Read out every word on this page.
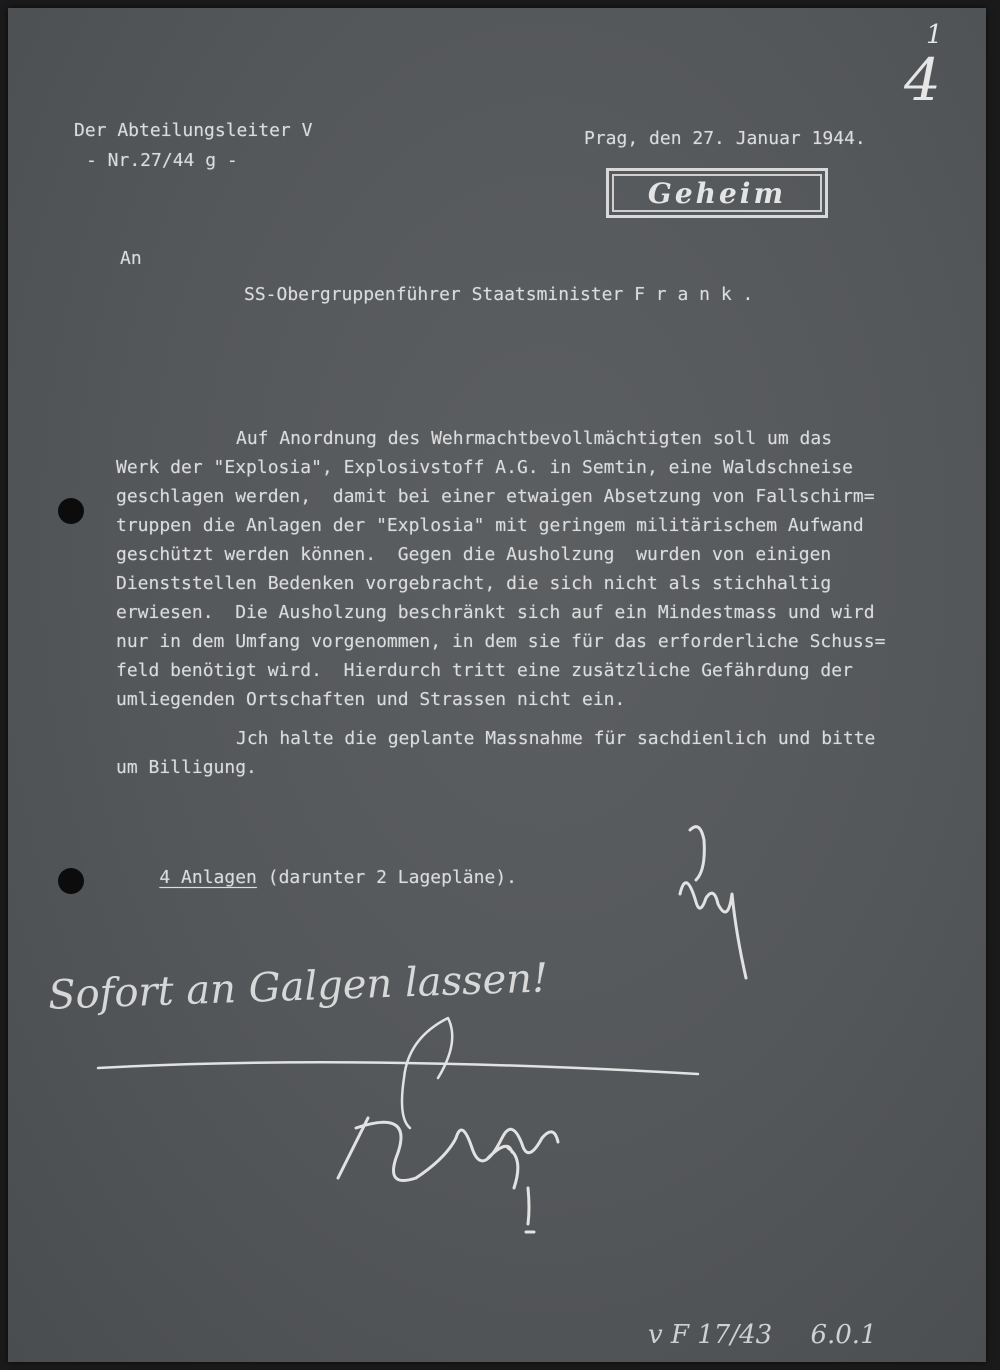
1
4
Der Abteilungsleiter V
- Nr.27/44 g -
Prag, den 27. Januar 1944.
Geheim
An
SS-Obergruppenführer Staatsminister F r a n k .
Auf Anordnung des Wehrmachtbevollmächtigten soll um das
Werk der "Explosia", Explosivstoff A.G. in Semtin, eine Waldschneise
geschlagen werden,  damit bei einer etwaigen Absetzung von Fallschirm=
truppen die Anlagen der "Explosia" mit geringem militärischem Aufwand
geschützt werden können.  Gegen die Ausholzung  wurden von einigen
Dienststellen Bedenken vorgebracht, die sich nicht als stichhaltig
erwiesen.  Die Ausholzung beschränkt sich auf ein Mindestmass und wird
nur in dem Umfang vorgenommen, in dem sie für das erforderliche Schuss=
feld benötigt wird.  Hierdurch tritt eine zusätzliche Gefährdung der
umliegenden Ortschaften und Strassen nicht ein.
Jch halte die geplante Massnahme für sachdienlich und bitte
um Billigung.

4 Anlagen (darunter 2 Lagepläne).

Sofort an Galgen lassen!
v F 17/43 6.0.1
